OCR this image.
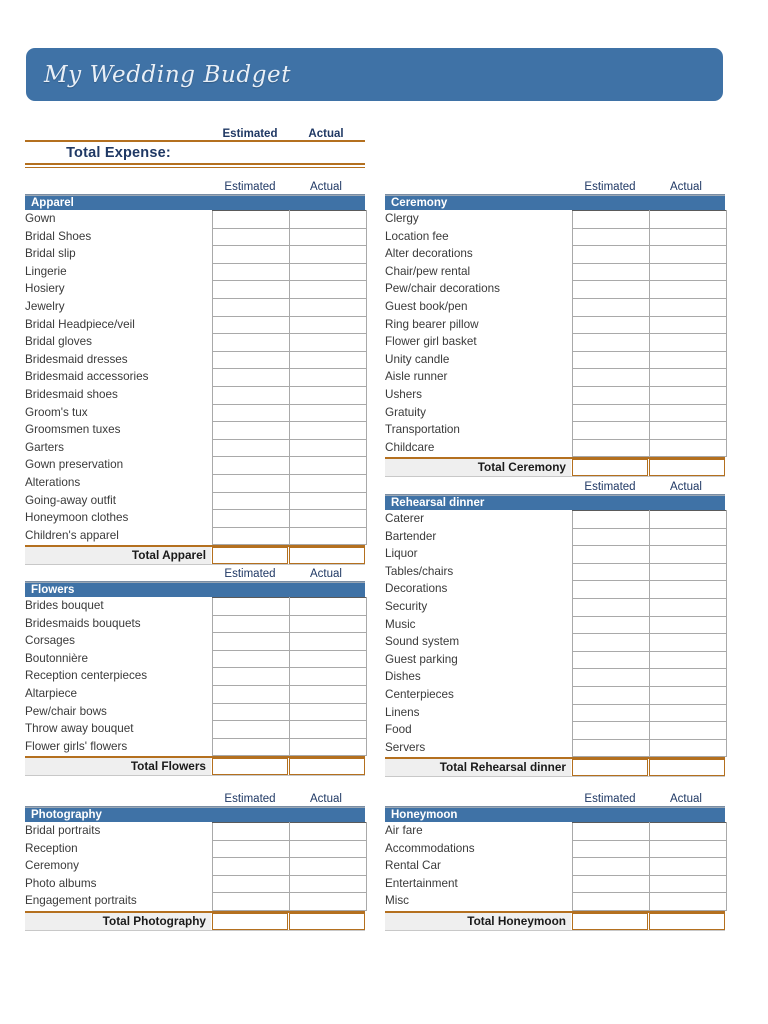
My Wedding Budget
Estimated	Actual
Total Expense:
Estimated	Actual
Apparel
Gown		
Bridal Shoes		
Bridal slip		
Lingerie		
Hosiery		
Jewelry		
Bridal Headpiece/veil		
Bridal gloves		
Bridesmaid dresses		
Bridesmaid accessories		
Bridesmaid shoes		
Groom's tux		
Groomsmen tuxes		
Garters		
Gown preservation		
Alterations		
Going-away outfit		
Honeymoon clothes		
Children's apparel		
Total Apparel
Estimated	Actual
Ceremony
Clergy		
Location fee		
Alter decorations		
Chair/pew rental		
Pew/chair decorations		
Guest book/pen		
Ring bearer pillow		
Flower girl basket		
Unity candle		
Aisle runner		
Ushers		
Gratuity		
Transportation		
Childcare		
Total Ceremony
Estimated	Actual
Flowers
Brides bouquet		
Bridesmaids bouquets		
Corsages		
Boutonnière		
Reception centerpieces		
Altarpiece		
Pew/chair bows		
Throw away bouquet		
Flower girls' flowers		
Total Flowers
Estimated	Actual
Rehearsal dinner
Caterer		
Bartender		
Liquor		
Tables/chairs		
Decorations		
Security		
Music		
Sound system		
Guest parking		
Dishes		
Centerpieces		
Linens		
Food		
Servers		
Total Rehearsal dinner
Estimated	Actual
Photography
Bridal portraits		
Reception		
Ceremony		
Photo albums		
Engagement portraits		
Total Photography
Estimated	Actual
Honeymoon
Air fare		
Accommodations		
Rental Car		
Entertainment		
Misc		
Total Honeymoon
